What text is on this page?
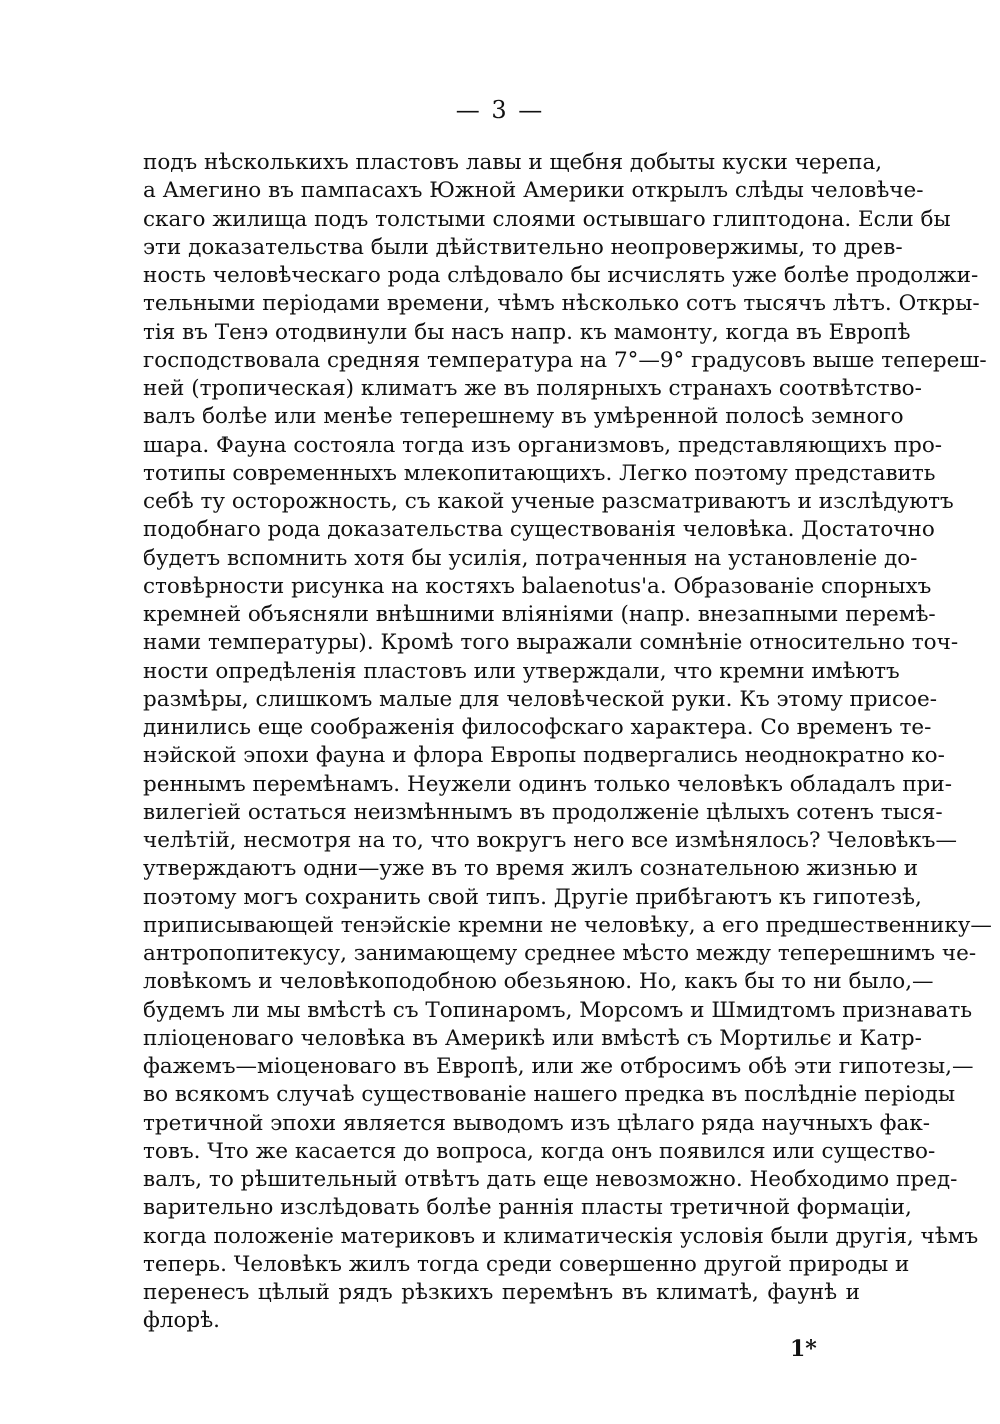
— 3 —
подъ нѣсколькихъ пластовъ лавы и щебня добыты куски черепа,
а Амегино въ пампасахъ Южной Америки открылъ слѣды человѣче-
скаго жилища подъ толстыми слоями остывшаго глиптодона. Если бы
эти доказательства были дѣйствительно неопровержимы, то древ-
ность человѣческаго рода слѣдовало бы исчислять уже болѣе продолжи-
тельными періодами времени, чѣмъ нѣсколько сотъ тысячъ лѣтъ. Откры-
тія въ Тенэ отодвинули бы насъ напр. къ мамонту, когда въ Европѣ
господствовала средняя температура на 7°—9° градусовъ выше теперeш-
ней (тропическая) климатъ же въ полярныхъ странахъ соотвѣтство-
валъ болѣе или менѣе теперешнему въ умѣренной полосѣ земного
шара. Фауна состояла тогда изъ организмовъ, представляющихъ про-
тотипы современныхъ млекопитающихъ. Легко поэтому представить
себѣ ту осторожность, съ какой ученые разсматриваютъ и изслѣдуютъ
подобнаго рода доказательства существованія человѣка. Достаточно
будетъ вспомнить хотя бы усилія, потраченныя на установленіе до-
стовѣрности рисунка на костяхъ balaenotus'а. Образованіе спорныхъ
кремней объясняли внѣшними вліяніями (напр. внезапными перемѣ-
нами температуры). Кромѣ того выражали сомнѣніе относительно точ-
ности опредѣленія пластовъ или утверждали, что кремни имѣютъ
размѣры, слишкомъ малые для человѣческой руки. Къ этому присое-
динились еще соображенія философскаго характера. Со временъ те-
нэйской эпохи фауна и флора Европы подвергались неоднократно ко-
реннымъ перемѣнамъ. Неужели одинъ только человѣкъ обладалъ при-
вилегіей остаться неизмѣннымъ въ продолженіе цѣлыхъ сотенъ тыся-
челѣтій, несмотря на то, что вокругъ него все измѣнялось? Человѣкъ—
утверждаютъ одни—уже въ то время жилъ сознательною жизнью и
поэтому могъ сохранить свой типъ. Другіе прибѣгаютъ къ гипотезѣ,
приписывающей тенэйскіе кремни не человѣку, а его предшественнику—
антропопитекусу, занимающему среднее мѣсто между теперешнимъ че-
ловѣкомъ и человѣкоподобною обезьяною. Но, какъ бы то ни было,—
будемъ ли мы вмѣстѣ съ Топинаромъ, Морсомъ и Шмидтомъ признавать
пліоценоваго человѣка въ Америкѣ или вмѣстѣ съ Мортильє и Катр-
фажемъ—міоценоваго въ Европѣ, или же отбросимъ обѣ эти гипотезы,—
во всякомъ случаѣ существованіе нашего предка въ послѣдніе періоды
третичной эпохи является выводомъ изъ цѣлаго ряда научныхъ фак-
товъ. Что же касается до вопроса, когда онъ появился или существо-
валъ, то рѣшительный отвѣтъ дать еще невозможно. Необходимо пред-
варительно изслѣдовать болѣе раннія пласты третичной формаціи,
когда положеніе материковъ и климатическія условія были другія, чѣмъ
теперь. Человѣкъ жилъ тогда среди совершенно другой природы и
перенесъ цѣлый рядъ рѣзкихъ перемѣнъ въ климатѣ, фаунѣ и
флорѣ.
1*
